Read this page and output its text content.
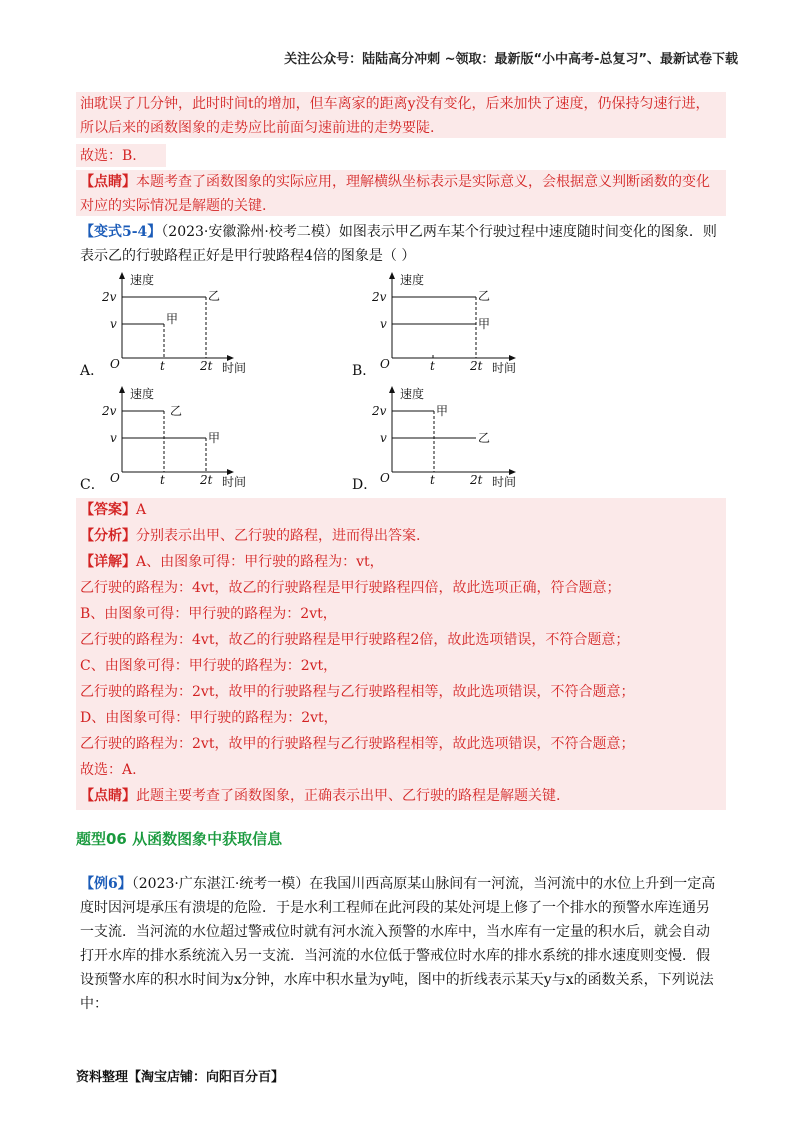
关注公众号：陆陆高分冲刺 ~领取：最新版“小中高考-总复习”、最新试卷下载
油耽误了几分钟，此时时间t的增加，但车离家的距离y没有变化，后来加快了速度，仍保持匀速行进，
所以后来的函数图象的走势应比前面匀速前进的走势要陡.
故选：B.
【点睛】本题考查了函数图象的实际应用，理解横纵坐标表示是实际意义，会根据意义判断函数的变化
对应的实际情况是解题的关键.
【变式5-4】（2023·安徽滁州·校考二模）如图表示甲乙两车某个行驶过程中速度随时间变化的图象．则
表示乙的行驶路程正好是甲行驶路程4倍的图象是（ ）
A．	B．
C．	D．
速度
时间
O
2v
v
t	2t
甲
乙
速度
时间
O
2v
v
t	2t
乙
甲
速度
时间
O
2v
v
t	2t
乙
甲
速度
时间
O
2v
v
t	2t
甲
乙
【答案】A
【分析】分别表示出甲、乙行驶的路程，进而得出答案.
【详解】A、由图象可得：甲行驶的路程为：vt，
乙行驶的路程为：4vt，故乙的行驶路程是甲行驶路程四倍，故此选项正确，符合题意；
B、由图象可得：甲行驶的路程为：2vt，
乙行驶的路程为：4vt，故乙的行驶路程是甲行驶路程2倍，故此选项错误，不符合题意；
C、由图象可得：甲行驶的路程为：2vt，
乙行驶的路程为：2vt，故甲的行驶路程与乙行驶路程相等，故此选项错误，不符合题意；
D、由图象可得：甲行驶的路程为：2vt，
乙行驶的路程为：2vt，故甲的行驶路程与乙行驶路程相等，故此选项错误，不符合题意；
故选：A.
【点睛】此题主要考查了函数图象，正确表示出甲、乙行驶的路程是解题关键.
题型06 从函数图象中获取信息
【例6】（2023·广东湛江·统考一模）在我国川西高原某山脉间有一河流，当河流中的水位上升到一定高
度时因河堤承压有溃堤的危险．于是水利工程师在此河段的某处河堤上修了一个排水的预警水库连通另
一支流．当河流的水位超过警戒位时就有河水流入预警的水库中，当水库有一定量的积水后，就会自动
打开水库的排水系统流入另一支流．当河流的水位低于警戒位时水库的排水系统的排水速度则变慢．假
设预警水库的积水时间为x分钟，水库中积水量为y吨，图中的折线表示某天y与x的函数关系，下列说法
中：
资料整理【淘宝店铺：向阳百分百】
